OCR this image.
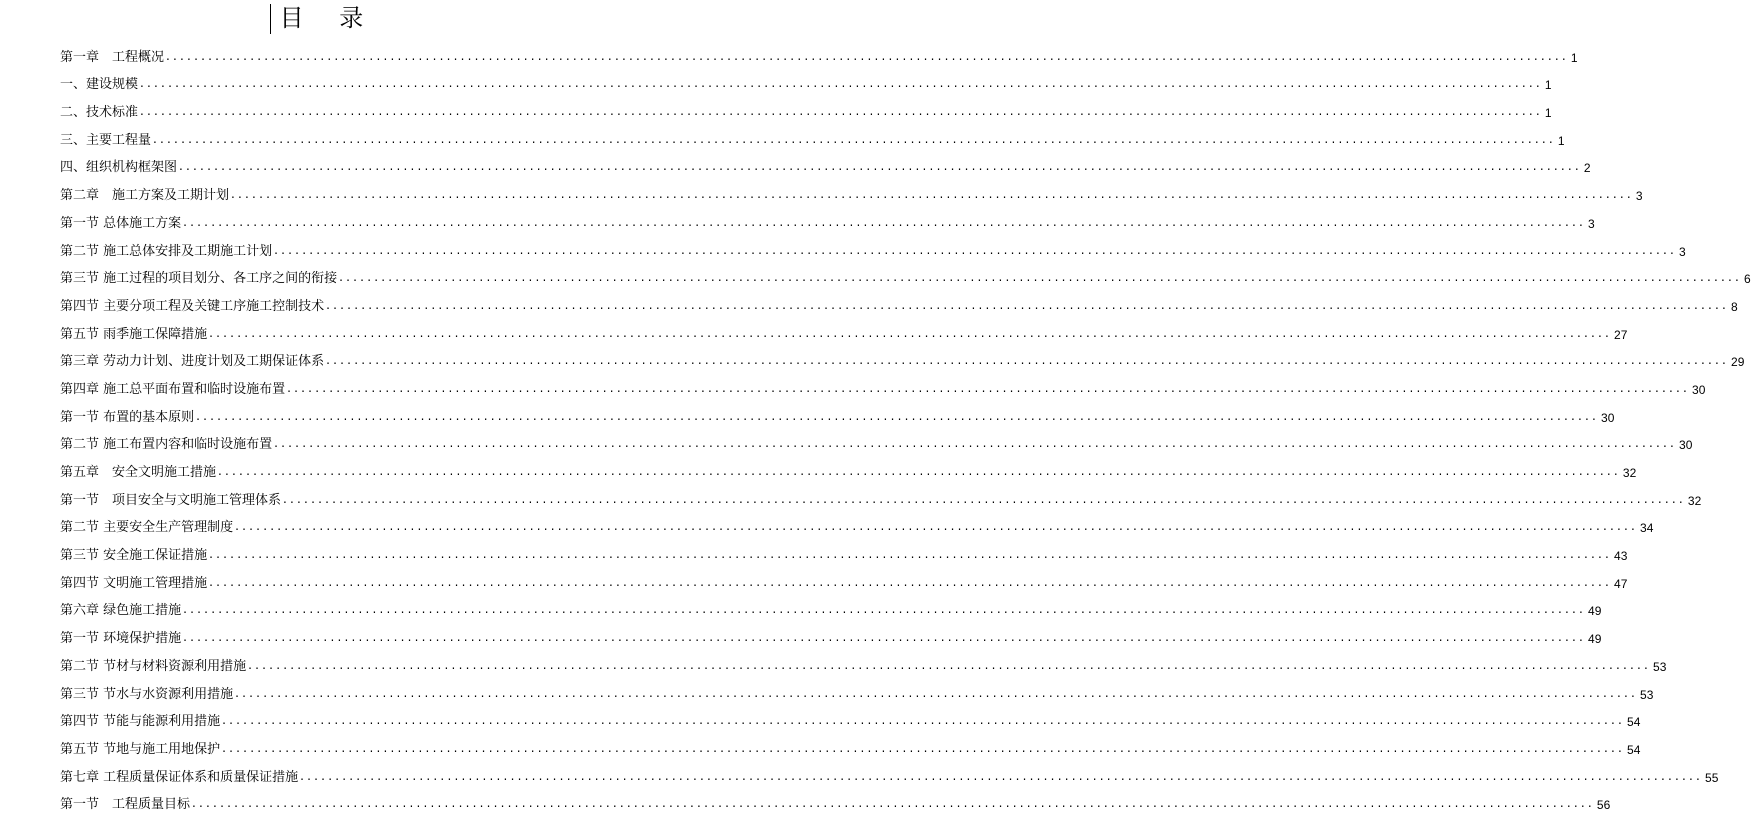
目 录
第一章　工程概况 ........................................................................................................................................................................................................ 1
一、建设规模 ........................................................................................................................................................................................................ 1
二、技术标准 ........................................................................................................................................................................................................ 1
三、主要工程量 ........................................................................................................................................................................................................ 1
四、组织机构框架图 ........................................................................................................................................................................................................ 2
第二章　施工方案及工期计划 ........................................................................................................................................................................................................ 3
第一节 总体施工方案 ........................................................................................................................................................................................................ 3
第二节 施工总体安排及工期施工计划 ........................................................................................................................................................................................................ 3
第三节 施工过程的项目划分、各工序之间的衔接 ........................................................................................................................................................................................................ 6
第四节 主要分项工程及关键工序施工控制技术 ........................................................................................................................................................................................................ 8
第五节 雨季施工保障措施 ........................................................................................................................................................................................................ 27
第三章 劳动力计划、进度计划及工期保证体系 ........................................................................................................................................................................................................ 29
第四章 施工总平面布置和临时设施布置 ........................................................................................................................................................................................................ 30
第一节 布置的基本原则 ........................................................................................................................................................................................................ 30
第二节 施工布置内容和临时设施布置 ........................................................................................................................................................................................................ 30
第五章　安全文明施工措施 ........................................................................................................................................................................................................ 32
第一节　项目安全与文明施工管理体系 ........................................................................................................................................................................................................ 32
第二节 主要安全生产管理制度 ........................................................................................................................................................................................................ 34
第三节 安全施工保证措施 ........................................................................................................................................................................................................ 43
第四节 文明施工管理措施 ........................................................................................................................................................................................................ 47
第六章 绿色施工措施 ........................................................................................................................................................................................................ 49
第一节 环境保护措施 ........................................................................................................................................................................................................ 49
第二节 节材与材料资源利用措施 ........................................................................................................................................................................................................ 53
第三节 节水与水资源利用措施 ........................................................................................................................................................................................................ 53
第四节 节能与能源利用措施 ........................................................................................................................................................................................................ 54
第五节 节地与施工用地保护 ........................................................................................................................................................................................................ 54
第七章 工程质量保证体系和质量保证措施 ........................................................................................................................................................................................................ 55
第一节　工程质量目标 ........................................................................................................................................................................................................ 56
